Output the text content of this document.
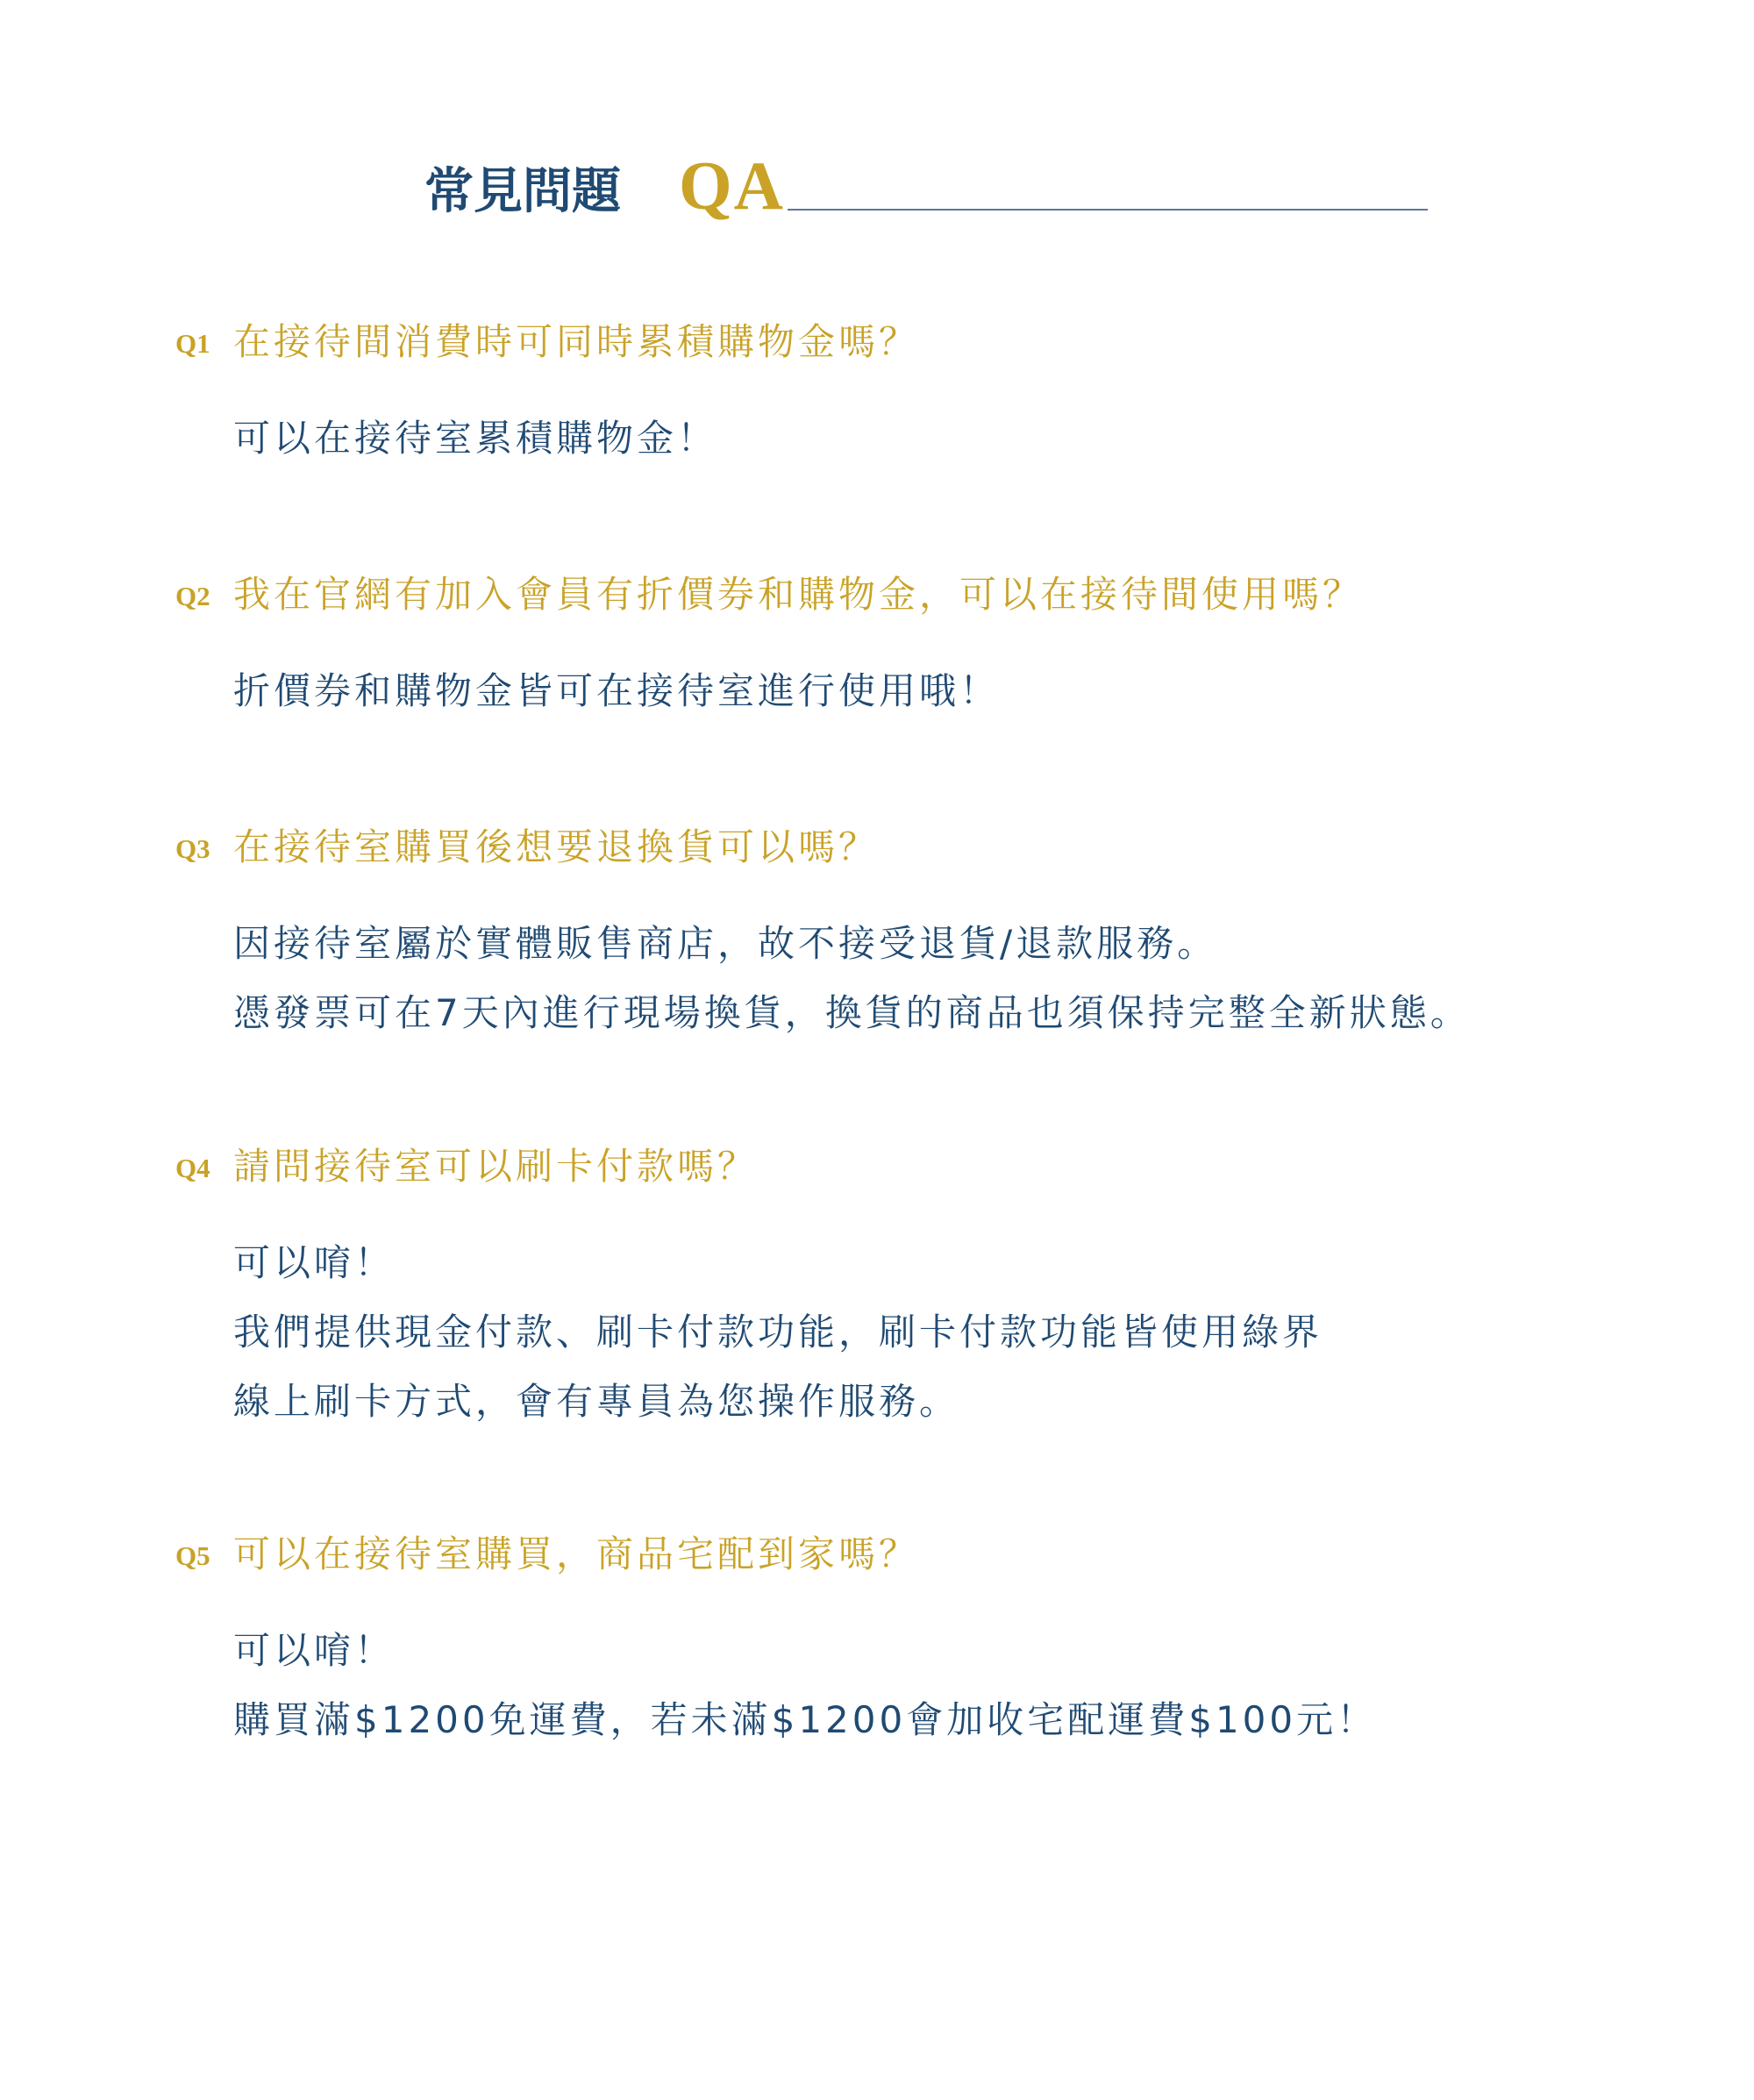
常見問題 QA
Q1 在接待間消費時可同時累積購物金嗎？
可以在接待室累積購物金！
Q2 我在官網有加入會員有折價券和購物金，可以在接待間使用嗎？
折價券和購物金皆可在接待室進行使用哦！
Q3 在接待室購買後想要退換貨可以嗎？
因接待室屬於實體販售商店，故不接受退貨/退款服務。
憑發票可在7天內進行現場換貨，換貨的商品也須保持完整全新狀態。
Q4 請問接待室可以刷卡付款嗎？
可以唷！
我們提供現金付款、刷卡付款功能，刷卡付款功能皆使用綠界
線上刷卡方式，會有專員為您操作服務。
Q5 可以在接待室購買，商品宅配到家嗎？
可以唷！
購買滿$1200免運費，若未滿$1200會加收宅配運費$100元！
